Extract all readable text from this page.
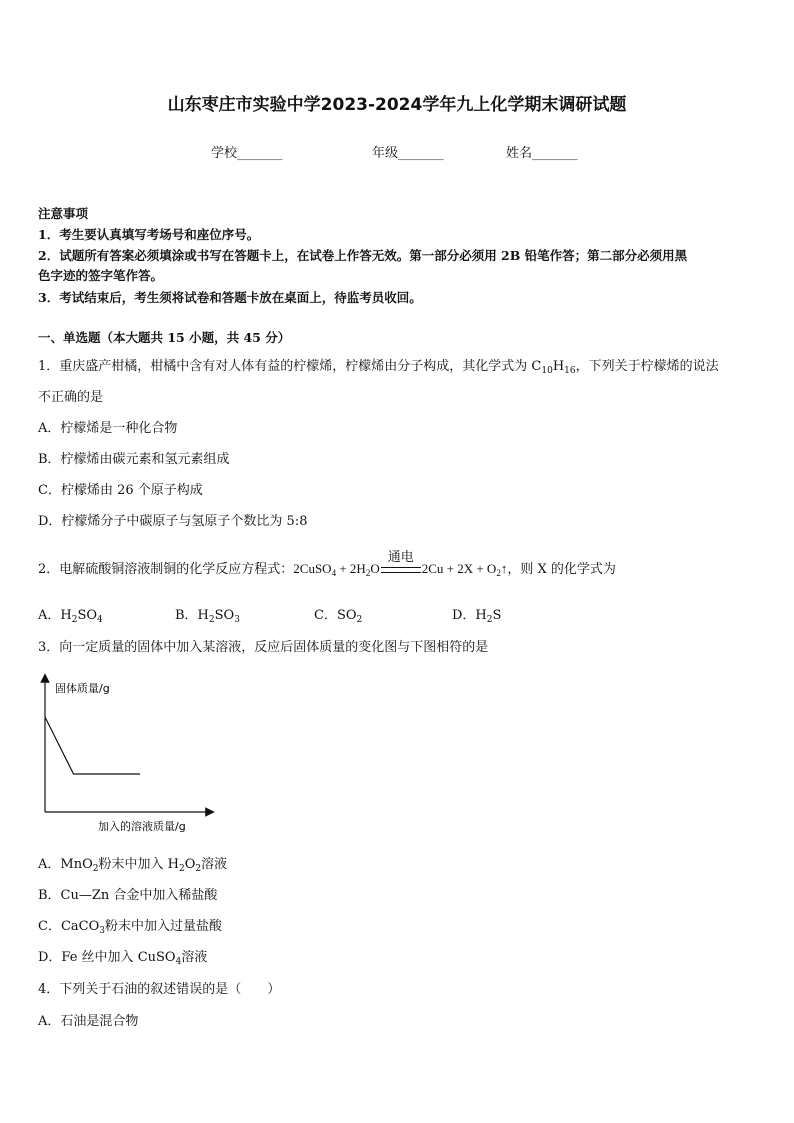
山东枣庄市实验中学2023-2024学年九上化学期末调研试题
学校_______	年级_______	姓名_______
注意事项
1．考生要认真填写考场号和座位序号。
2．试题所有答案必须填涂或书写在答题卡上，在试卷上作答无效。第一部分必须用 2B 铅笔作答；第二部分必须用黑
色字迹的签字笔作答。
3．考试结束后，考生须将试卷和答题卡放在桌面上，待监考员收回。
一、单选题（本大题共 15 小题，共 45 分）
1．重庆盛产柑橘，柑橘中含有对人体有益的柠檬烯，柠檬烯由分子构成，其化学式为 $C_{10}H_{16}$，下列关于柠檬烯的说法
不正确的是
A．柠檬烯是一种化合物
B．柠檬烯由碳元素和氢元素组成
C．柠檬烯由 26 个原子构成
D．柠檬烯分子中碳原子与氢原子个数比为 5:8
2．电解硫酸铜溶液制铜的化学反应方程式：2CuSO$_4$ + $2H_2O$
通电
$2Cu + 2X + O_2↑$，则 X 的化学式为
A．$H_2SO_4$	B．$H_2SO_3$	C．$SO_2$	D．$H_2S$
3．向一定质量的固体中加入某溶液，反应后固体质量的变化图与下图相符的是
固体质量/g
加入的溶液质量/g
A．MnO$_2$粉末中加入 $H_2O_2$溶液
B．Cu—Zn 合金中加入稀盐酸
C．CaCO$_3$粉末中加入过量盐酸
D．Fe 丝中加入 CuSO$_4$溶液
4．下列关于石油的叙述错误的是（　　）
A．石油是混合物
